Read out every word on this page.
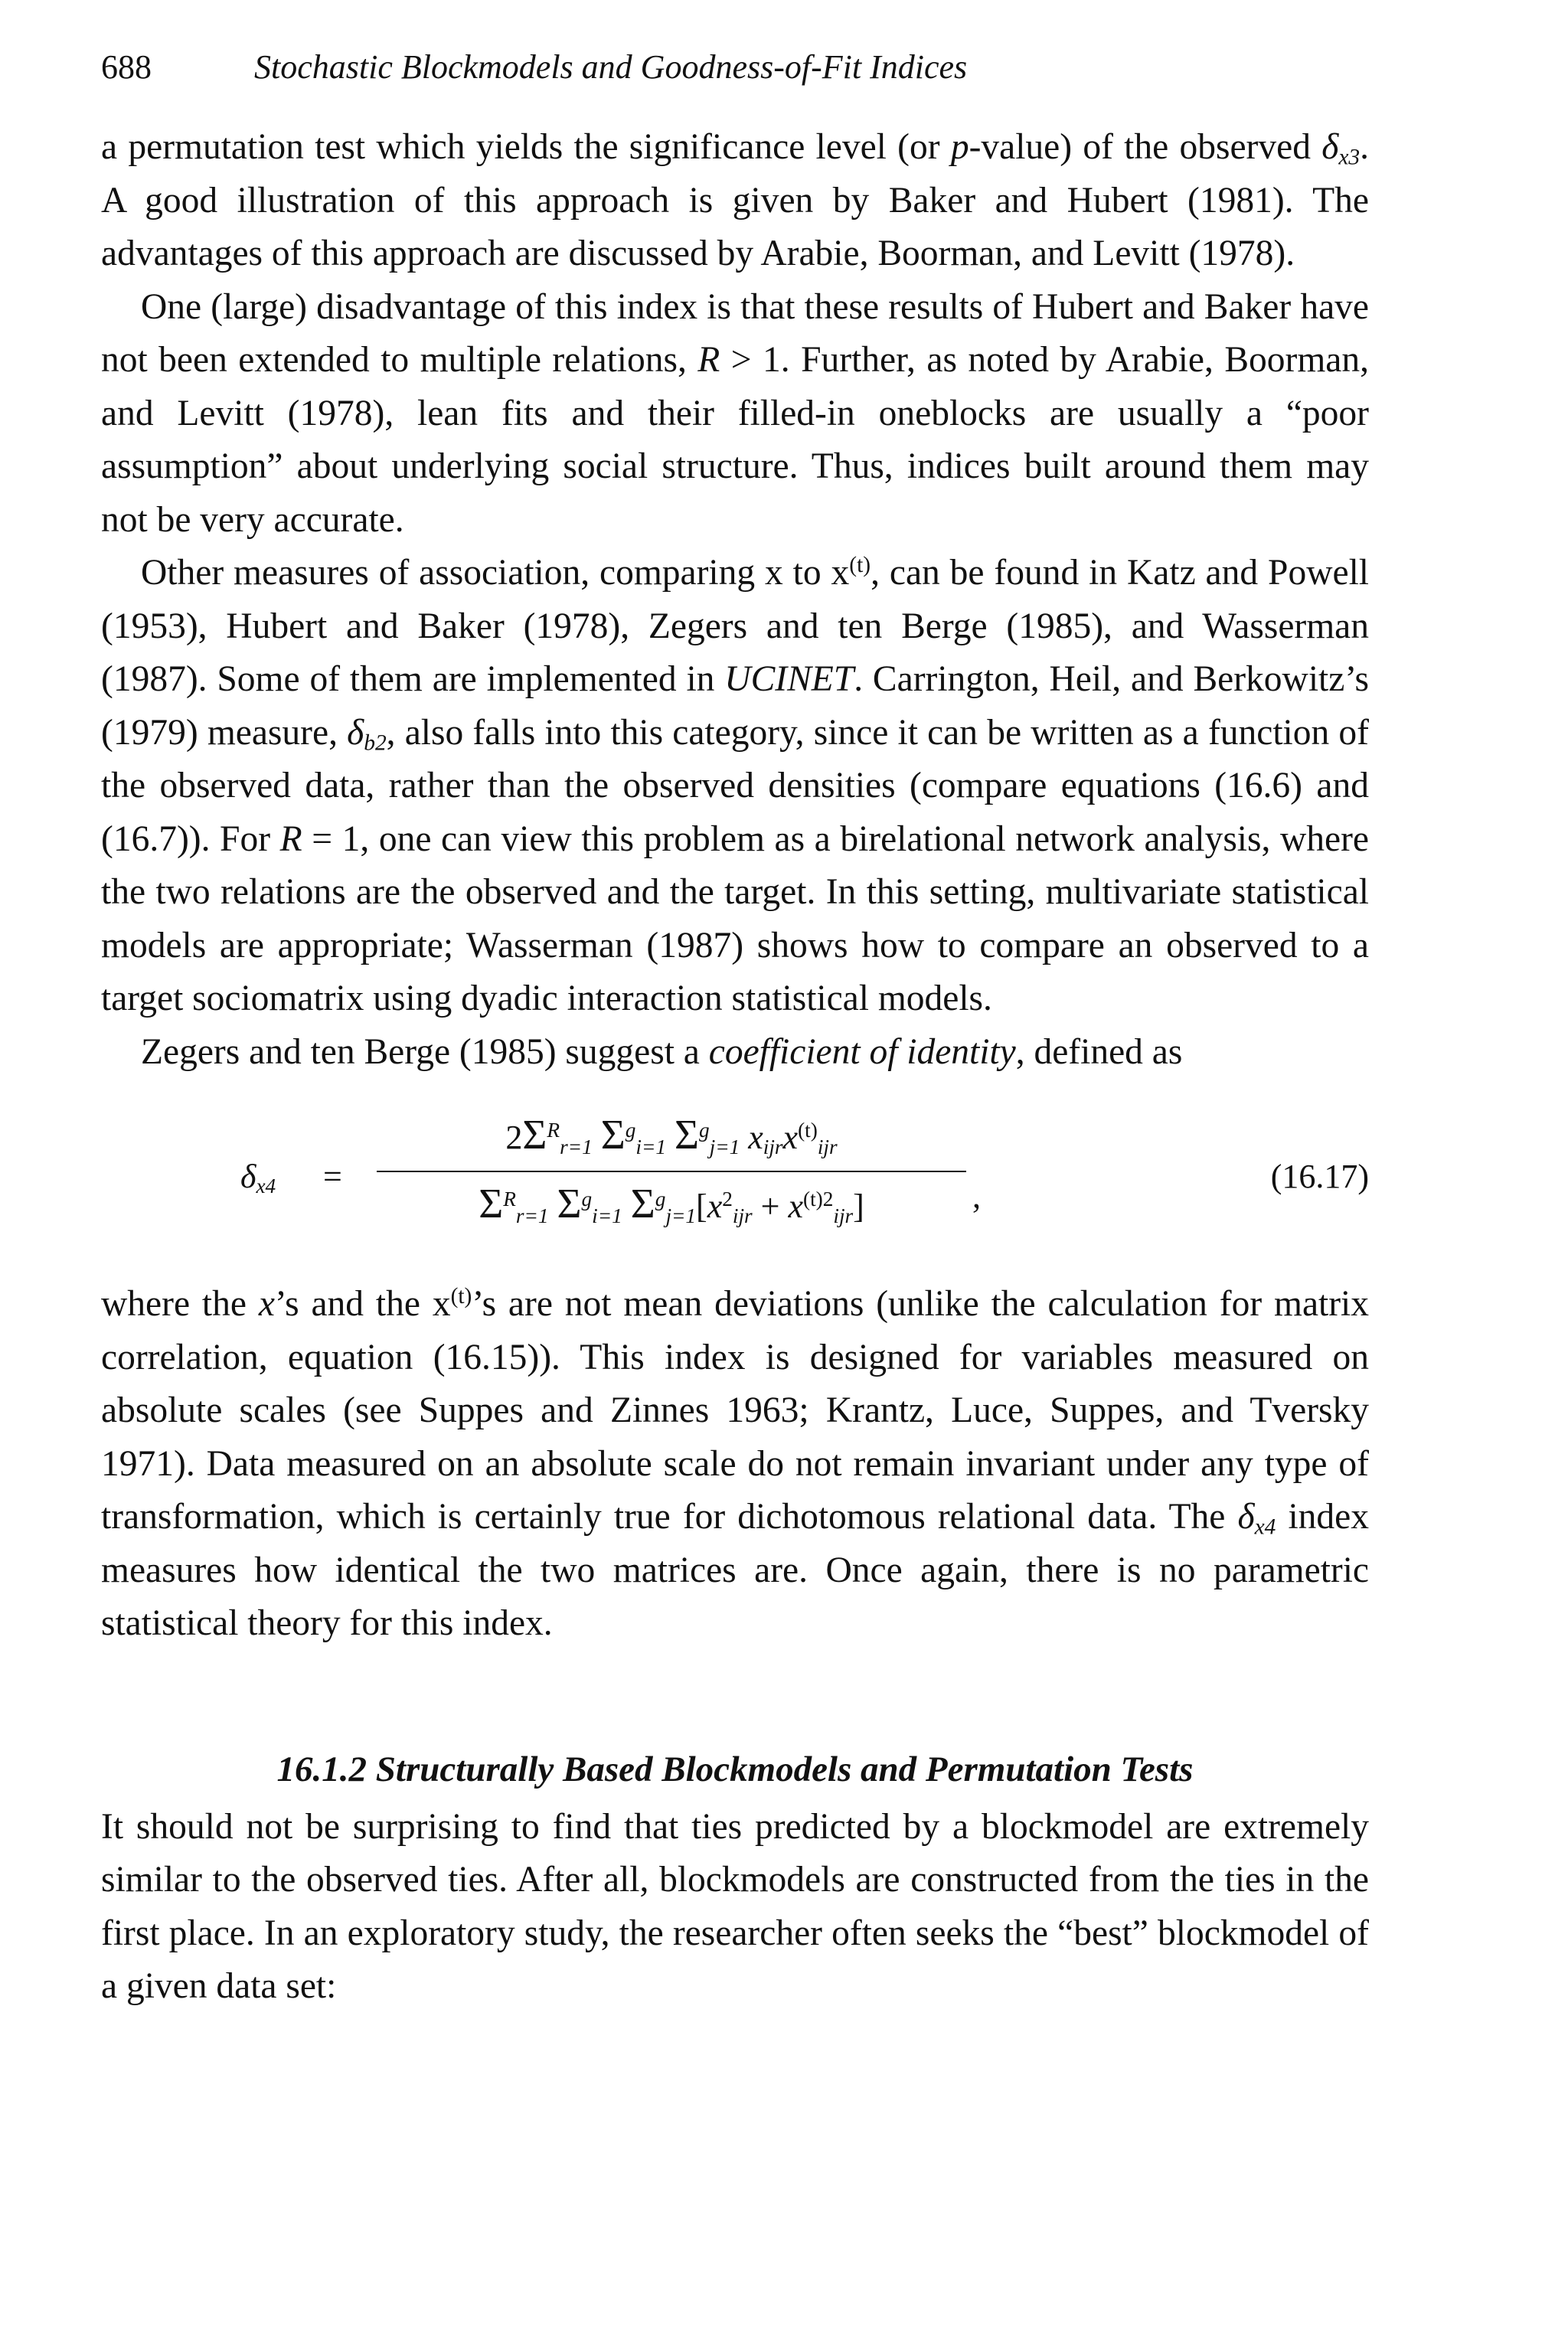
688	Stochastic Blockmodels and Goodness-of-Fit Indices

a permutation test which yields the significance level (or p-value) of the observed $\delta_{x3}$. A good illustration of this approach is given by Baker and Hubert (1981). The advantages of this approach are discussed by Arabie, Boorman, and Levitt (1978).

One (large) disadvantage of this index is that these results of Hubert and Baker have not been extended to multiple relations, R > 1. Further, as noted by Arabie, Boorman, and Levitt (1978), lean fits and their filled-in oneblocks are usually a “poor assumption” about underlying social structure. Thus, indices built around them may not be very accurate.

Other measures of association, comparing x to $x^{(t)}$, can be found in Katz and Powell (1953), Hubert and Baker (1978), Zegers and ten Berge (1985), and Wasserman (1987). Some of them are implemented in UCINET. Carrington, Heil, and Berkowitz’s (1979) measure, $\delta_{b2}$, also falls into this category, since it can be written as a function of the observed data, rather than the observed densities (compare equations (16.6) and (16.7)). For R = 1, one can view this problem as a birelational network analysis, where the two relations are the observed and the target. In this setting, multivariate statistical models are appropriate; Wasserman (1987) shows how to compare an observed to a target sociomatrix using dyadic interaction statistical models.

Zegers and ten Berge (1985) suggest a coefficient of identity, defined as

$\delta_{x4}$ =
$2\Sigma^R_{r=1}$ $\Sigma^g_{i=1}$ $\Sigma^g_{j=1}$ $x_{ijr}x^{(t)}_{ijr}$
$\Sigma^R_{r=1}$ $\Sigma^g_{i=1}$ $\Sigma^g_{j=1}[x^2_{ijr} + x^{(t)2}_{ijr}]$	,
(16.17)

where the x’s and the $x^{(t)}’s$ are not mean deviations (unlike the calculation for matrix correlation, equation (16.15)). This index is designed for variables measured on absolute scales (see Suppes and Zinnes 1963; Krantz, Luce, Suppes, and Tversky 1971). Data measured on an absolute scale do not remain invariant under any type of transformation, which is certainly true for dichotomous relational data. The $\delta_{x4}$ index measures how identical the two matrices are. Once again, there is no parametric statistical theory for this index.

16.1.2 Structurally Based Blockmodels and Permutation Tests

It should not be surprising to find that ties predicted by a blockmodel are extremely similar to the observed ties. After all, blockmodels are constructed from the ties in the first place. In an exploratory study, the researcher often seeks the “best” blockmodel of a given data set:
